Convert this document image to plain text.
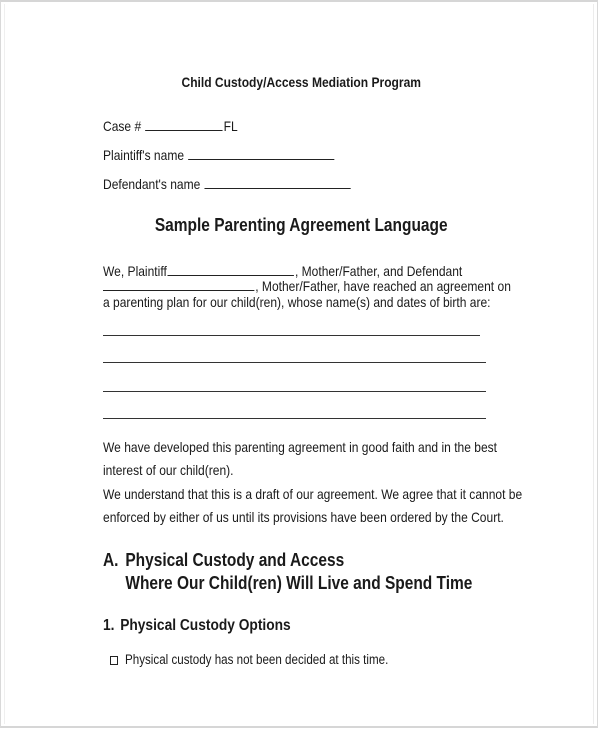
Child Custody/Access Mediation Program
Case #	FL
Plaintiff's name
Defendant's name
Sample Parenting Agreement Language
We, Plaintiff	, Mother/Father, and Defendant
, Mother/Father, have reached an agreement on
a parenting plan for our child(ren), whose name(s) and dates of birth are:
We have developed this parenting agreement in good faith and in the best
interest of our child(ren).
We understand that this is a draft of our agreement. We agree that it cannot be
enforced by either of us until its provisions have been ordered by the Court.
A. Physical Custody and Access
Where Our Child(ren) Will Live and Spend Time
1. Physical Custody Options
Physical custody has not been decided at this time.
